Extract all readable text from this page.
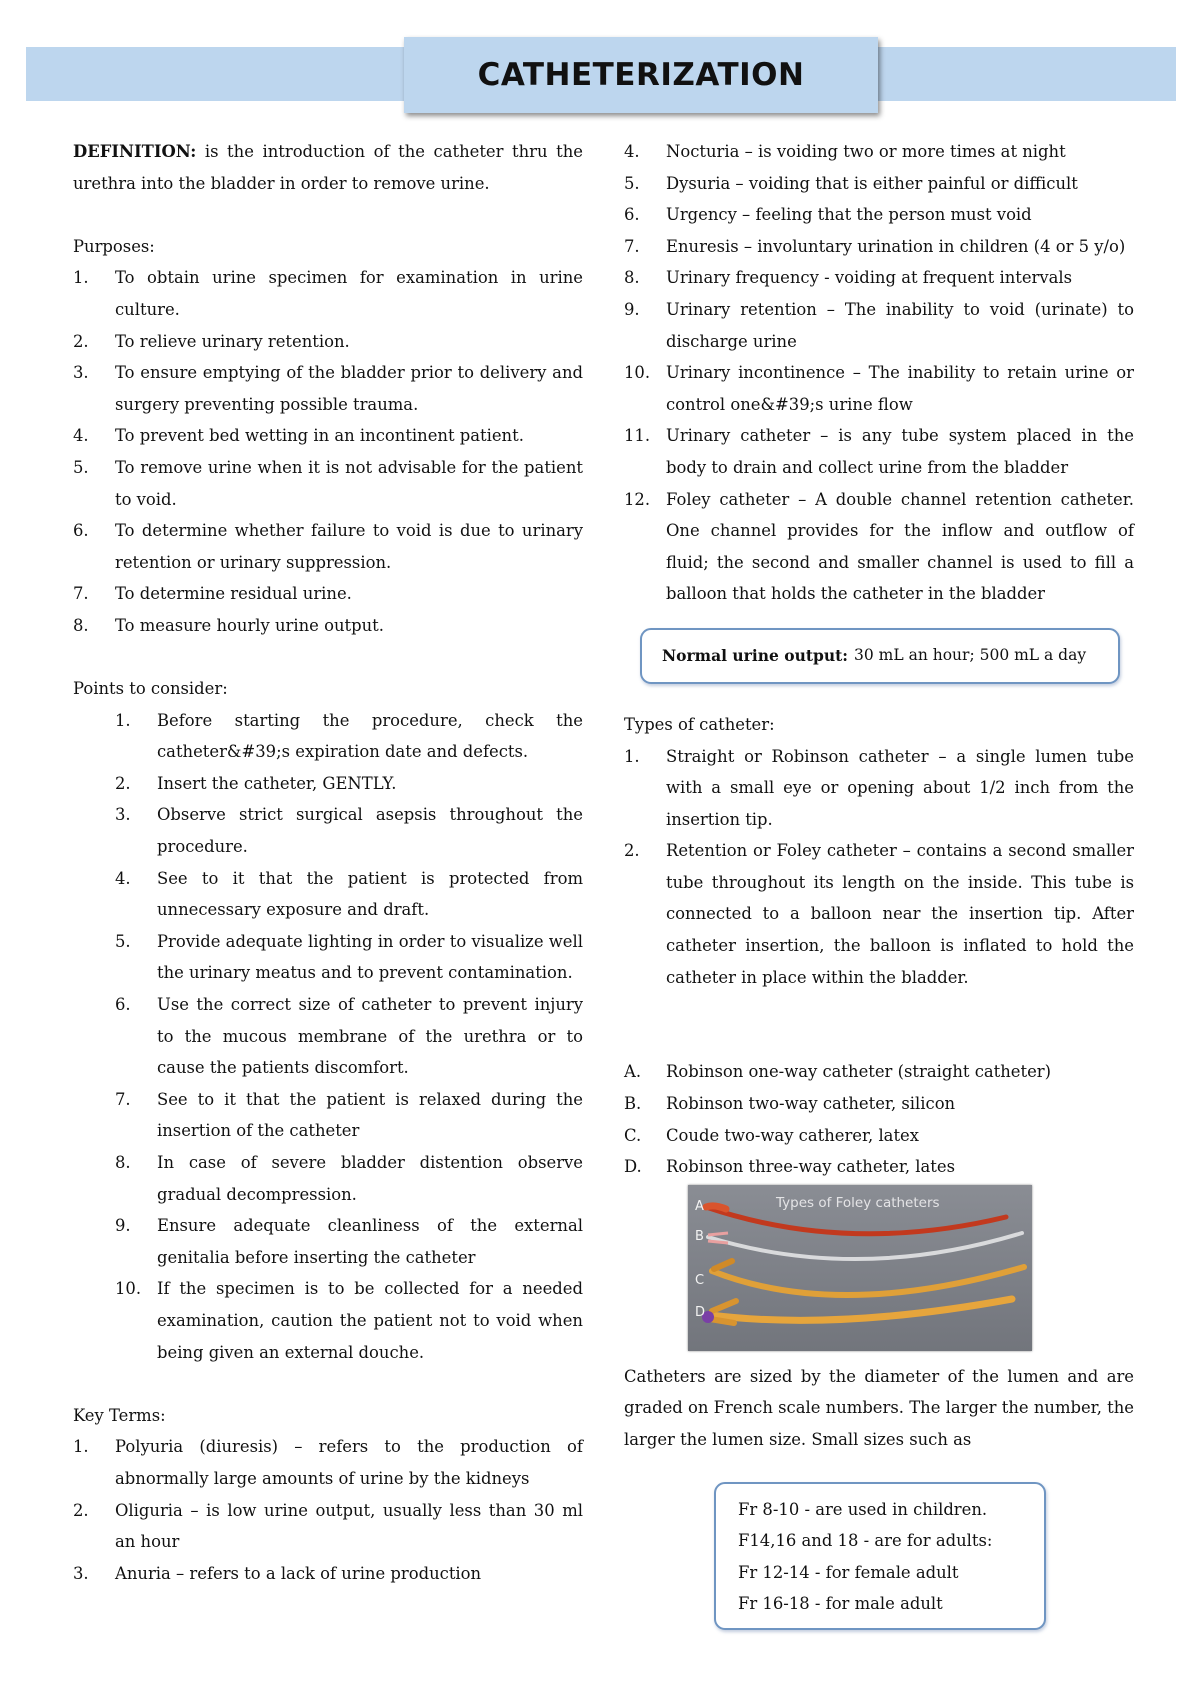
CATHETERIZATION

DEFINITION: is the introduction of the catheter thru the urethra into the bladder in order to remove urine.

Purposes:

1. To obtain urine specimen for examination in urine culture.
2. To relieve urinary retention.
3. To ensure emptying of the bladder prior to delivery and surgery preventing possible trauma.
4. To prevent bed wetting in an incontinent patient.
5. To remove urine when it is not advisable for the patient to void.
6. To determine whether failure to void is due to urinary retention or urinary suppression.
7. To determine residual urine.
8. To measure hourly urine output.

Points to consider:

1. Before starting the procedure, check the catheter&#39;s expiration date and defects.
2. Insert the catheter, GENTLY.
3. Observe strict surgical asepsis throughout the procedure.
4. See to it that the patient is protected from unnecessary exposure and draft.
5. Provide adequate lighting in order to visualize well the urinary meatus and to prevent contamination.
6. Use the correct size of catheter to prevent injury to the mucous membrane of the urethra or to cause the patients discomfort.
7. See to it that the patient is relaxed during the insertion of the catheter
8. In case of severe bladder distention observe gradual decompression.
9. Ensure adequate cleanliness of the external genitalia before inserting the catheter
10. If the specimen is to be collected for a needed examination, caution the patient not to void when being given an external douche.

Key Terms:

1. Polyuria (diuresis) – refers to the production of abnormally large amounts of urine by the kidneys
2. Oliguria – is low urine output, usually less than 30 ml an hour
3. Anuria – refers to a lack of urine production
4. Nocturia – is voiding two or more times at night
5. Dysuria – voiding that is either painful or difficult
6. Urgency – feeling that the person must void
7. Enuresis – involuntary urination in children (4 or 5 y/o)
8. Urinary frequency - voiding at frequent intervals
9. Urinary retention – The inability to void (urinate) to discharge urine
10. Urinary incontinence – The inability to retain urine or control one&#39;s urine flow
11. Urinary catheter – is any tube system placed in the body to drain and collect urine from the bladder
12. Foley catheter – A double channel retention catheter. One channel provides for the inflow and outflow of fluid; the second and smaller channel is used to fill a balloon that holds the catheter in the bladder
Normal urine output: 30 mL an hour; 500 mL a day

Types of catheter:

1. Straight or Robinson catheter – a single lumen tube with a small eye or opening about 1/2 inch from the insertion tip.
2. Retention or Foley catheter – contains a second smaller tube throughout its length on the inside. This tube is connected to a balloon near the insertion tip. After catheter insertion, the balloon is inflated to hold the catheter in place within the bladder.
A. Robinson one-way catheter (straight catheter)
B. Robinson two-way catheter, silicon
C. Coude two-way catherer, latex
D. Robinson three-way catheter, lates
Types of Foley catheters
A
B
C
D

Catheters are sized by the diameter of the lumen and are graded on French scale numbers. The larger the number, the larger the lumen size. Small sizes such as

Fr 8-10 - are used in children.
F14,16 and 18 - are for adults:
Fr 12-14 - for female adult
Fr 16-18 - for male adult
